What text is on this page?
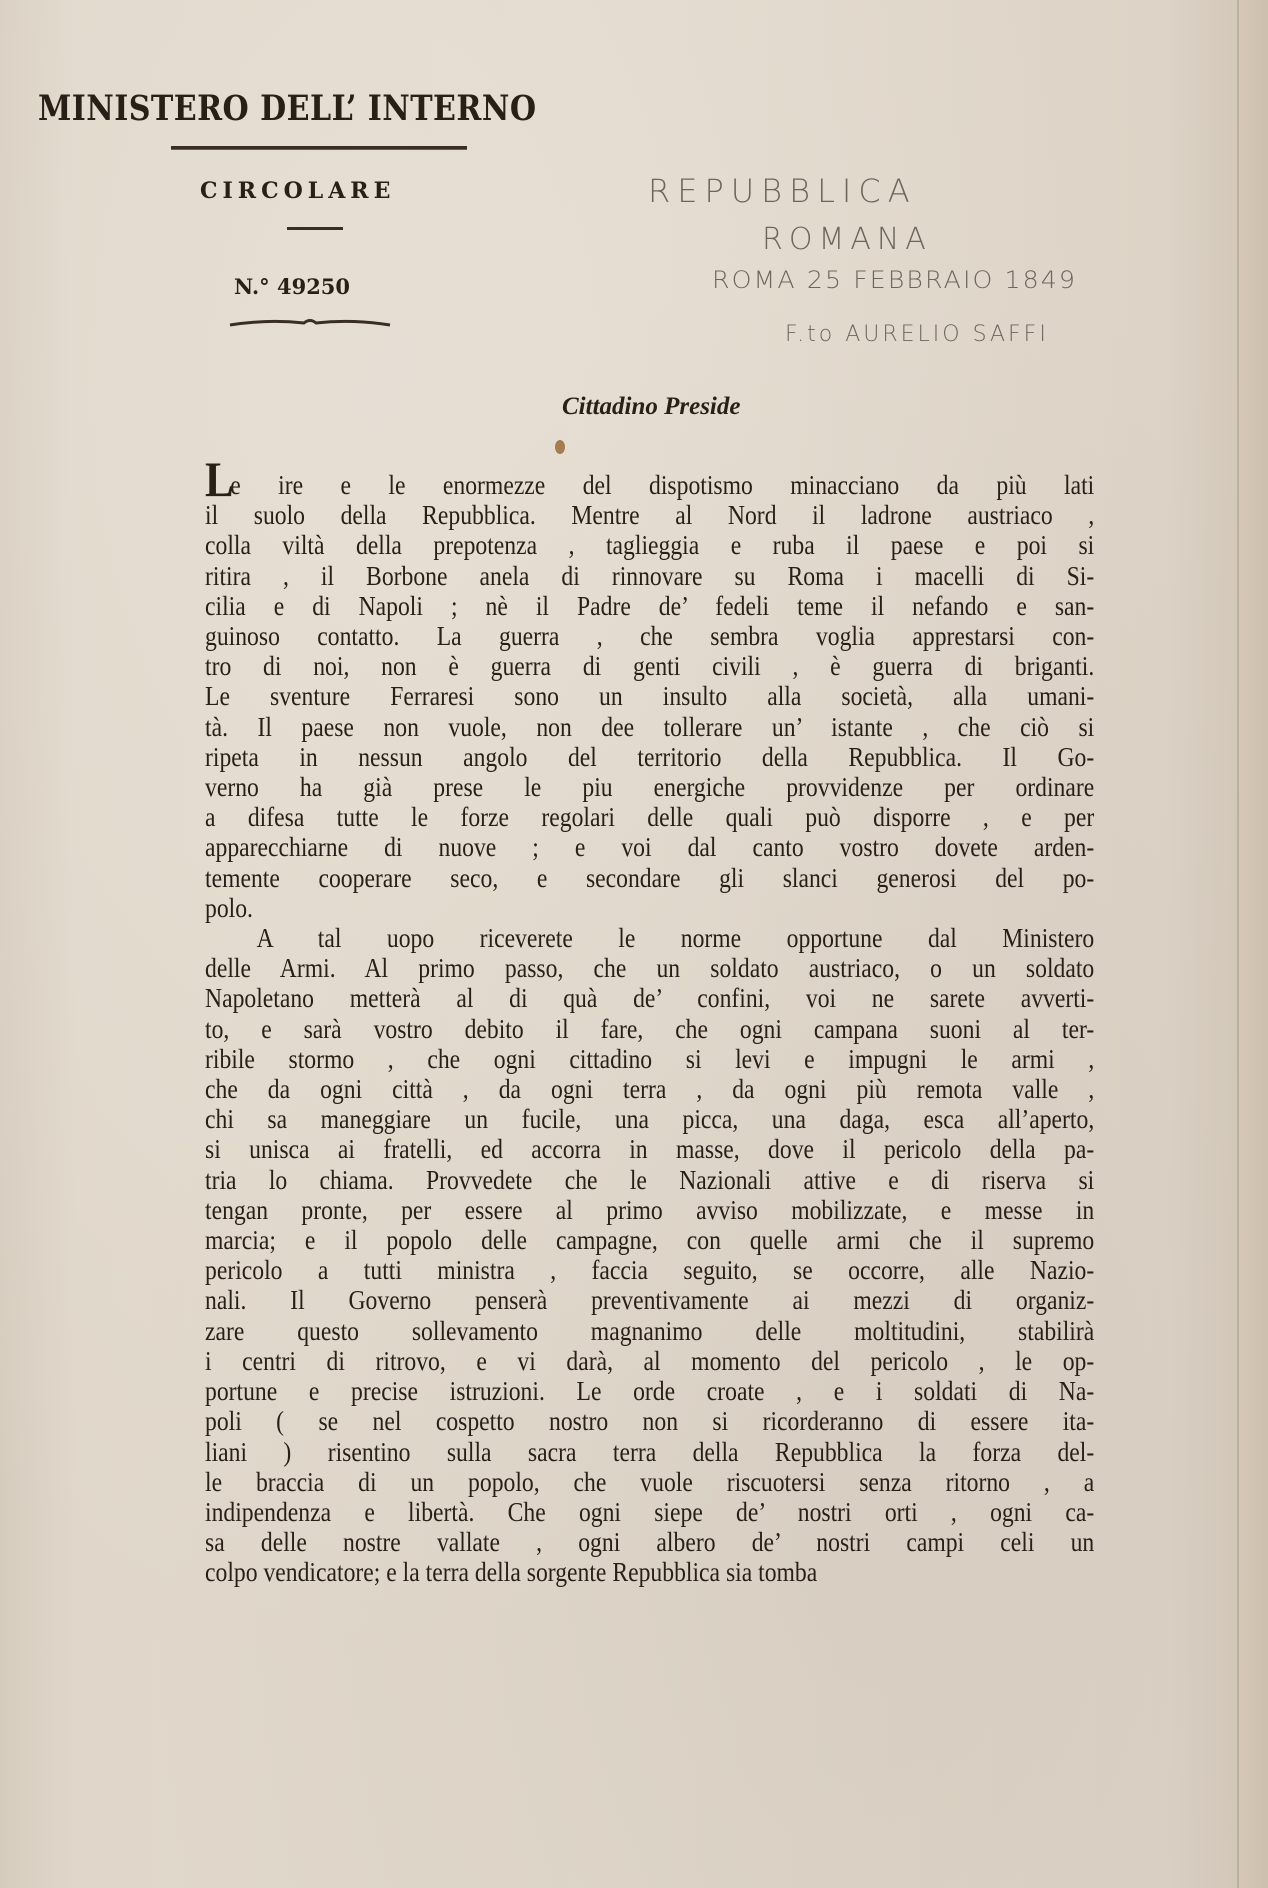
MINISTERO DELL’ INTERNO
CIRCOLARE
N.° 49250
REPUBBLICA
ROMANA
ROMA 25 FEBBRAIO 1849
F.to AURELIO SAFFI
Cittadino Preside
Le ire e le enormezze del dispotismo minacciano da più lati
il suolo della Repubblica. Mentre al Nord il ladrone austriaco ,
colla viltà della prepotenza , taglieggia e ruba il paese e poi si
ritira , il Borbone anela di rinnovare su Roma i macelli di Si-
cilia e di Napoli ; nè il Padre de’ fedeli teme il nefando e san-
guinoso contatto. La guerra , che sembra voglia apprestarsi con-
tro di noi, non è guerra di genti civili , è guerra di briganti.
Le sventure Ferraresi sono un insulto alla società, alla umani-
tà. Il paese non vuole, non dee tollerare un’ istante , che ciò si
ripeta in nessun angolo del territorio della Repubblica. Il Go-
verno ha già prese le piu energiche provvidenze per ordinare
a difesa tutte le forze regolari delle quali può disporre , e per
apparecchiarne di nuove ; e voi dal canto vostro dovete arden-
temente cooperare seco, e secondare gli slanci generosi del po-
polo.
A tal uopo riceverete le norme opportune dal Ministero
delle Armi. Al primo passo, che un soldato austriaco, o un soldato
Napoletano metterà al di quà de’ confini, voi ne sarete avverti-
to, e sarà vostro debito il fare, che ogni campana suoni al ter-
ribile stormo , che ogni cittadino si levi e impugni le armi ,
che da ogni città , da ogni terra , da ogni più remota valle ,
chi sa maneggiare un fucile, una picca, una daga, esca all’aperto,
si unisca ai fratelli, ed accorra in masse, dove il pericolo della pa-
tria lo chiama. Provvedete che le Nazionali attive e di riserva si
tengan pronte, per essere al primo avviso mobilizzate, e messe in
marcia; e il popolo delle campagne, con quelle armi che il supremo
pericolo a tutti ministra , faccia seguito, se occorre, alle Nazio-
nali. Il Governo penserà preventivamente ai mezzi di organiz-
zare questo sollevamento magnanimo delle moltitudini, stabilirà
i centri di ritrovo, e vi darà, al momento del pericolo , le op-
portune e precise istruzioni. Le orde croate , e i soldati di Na-
poli ( se nel cospetto nostro non si ricorderanno di essere ita-
liani ) risentino sulla sacra terra della Repubblica la forza del-
le braccia di un popolo, che vuole riscuotersi senza ritorno , a
indipendenza e libertà. Che ogni siepe de’ nostri orti , ogni ca-
sa delle nostre vallate , ogni albero de’ nostri campi celi un
colpo vendicatore; e la terra della sorgente Repubblica sia tomba
